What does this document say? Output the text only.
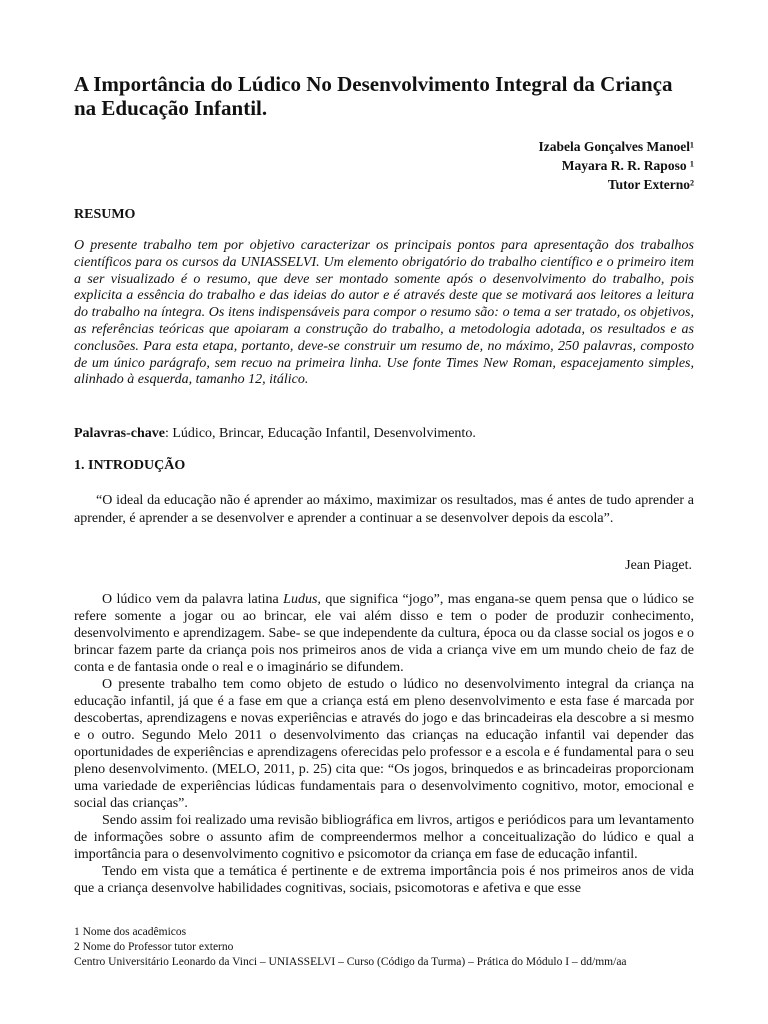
A Importância do Lúdico No Desenvolvimento Integral da Criança na Educação Infantil.
Izabela Gonçalves Manoel¹
Mayara R. R. Raposo ¹
Tutor Externo²
RESUMO

O presente trabalho tem por objetivo caracterizar os principais pontos para apresentação dos trabalhos científicos para os cursos da UNIASSELVI. Um elemento obrigatório do trabalho científico e o primeiro item a ser visualizado é o resumo, que deve ser montado somente após o desenvolvimento do trabalho, pois explicita a essência do trabalho e das ideias do autor e é através deste que se motivará aos leitores a leitura do trabalho na íntegra. Os itens indispensáveis para compor o resumo são: o tema a ser tratado, os objetivos, as referências teóricas que apoiaram a construção do trabalho, a metodologia adotada, os resultados e as conclusões. Para esta etapa, portanto, deve-se construir um resumo de, no máximo, 250 palavras, composto de um único parágrafo, sem recuo na primeira linha. Use fonte Times New Roman, espacejamento simples, alinhado à esquerda, tamanho 12, itálico.

Palavras-chave: Lúdico, Brincar, Educação Infantil, Desenvolvimento.
1. INTRODUÇÃO

“O ideal da educação não é aprender ao máximo, maximizar os resultados, mas é antes de tudo aprender a aprender, é aprender a se desenvolver e aprender a continuar a se desenvolver depois da escola”.

Jean Piaget.

O lúdico vem da palavra latina Ludus, que significa “jogo”, mas engana-se quem pensa que o lúdico se refere somente a jogar ou ao brincar, ele vai além disso e tem o poder de produzir conhecimento, desenvolvimento e aprendizagem. Sabe- se que independente da cultura, época ou da classe social os jogos e o brincar fazem parte da criança pois nos primeiros anos de vida a criança vive em um mundo cheio de faz de conta e de fantasia onde o real e o imaginário se difundem.

O presente trabalho tem como objeto de estudo o lúdico no desenvolvimento integral da criança na educação infantil, já que é a fase em que a criança está em pleno desenvolvimento e esta fase é marcada por descobertas, aprendizagens e novas experiências e através do jogo e das brincadeiras ela descobre a si mesmo e o outro. Segundo Melo 2011 o desenvolvimento das crianças na educação infantil vai depender das oportunidades de experiências e aprendizagens oferecidas pelo professor e a escola e é fundamental para o seu pleno desenvolvimento. (MELO, 2011, p. 25) cita que: “Os jogos, brinquedos e as brincadeiras proporcionam uma variedade de experiências lúdicas fundamentais para o desenvolvimento cognitivo, motor, emocional e social das crianças”.

Sendo assim foi realizado uma revisão bibliográfica em livros, artigos e periódicos para um levantamento de informações sobre o assunto afim de compreendermos melhor a conceitualização do lúdico e qual a importância para o desenvolvimento cognitivo e psicomotor da criança em fase de educação infantil.

Tendo em vista que a temática é pertinente e de extrema importância pois é nos primeiros anos de vida que a criança desenvolve habilidades cognitivas, sociais, psicomotoras e afetiva e que esse

1 Nome dos acadêmicos
2 Nome do Professor tutor externo
Centro Universitário Leonardo da Vinci – UNIASSELVI – Curso (Código da Turma) – Prática do Módulo I – dd/mm/aa
